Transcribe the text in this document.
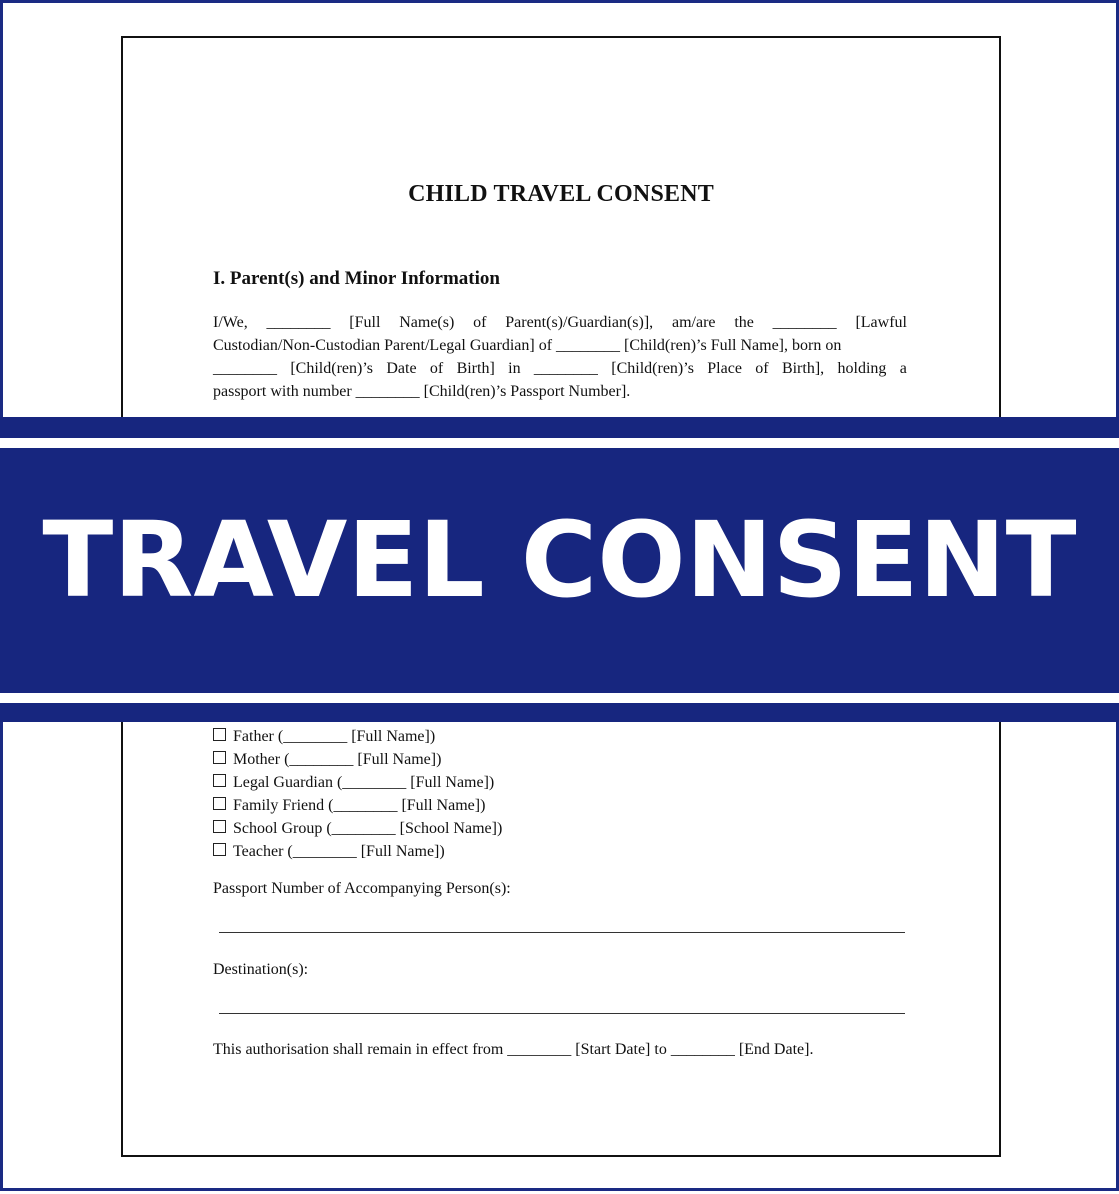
CHILD TRAVEL CONSENT
I. Parent(s) and Minor Information
I/We, ________ [Full Name(s) of Parent(s)/Guardian(s)], am/are the ________ [Lawful
Custodian/Non-Custodian Parent/Legal Guardian] of ________ [Child(ren)’s Full Name], born on
________ [Child(ren)’s Date of Birth] in ________ [Child(ren)’s Place of Birth], holding a
passport with number ________ [Child(ren)’s Passport Number].
TRAVEL CONSENT
Father (________ [Full Name])
Mother (________ [Full Name])
Legal Guardian (________ [Full Name])
Family Friend (________ [Full Name])
School Group (________ [School Name])
Teacher (________ [Full Name])
Passport Number of Accompanying Person(s):
Destination(s):
This authorisation shall remain in effect from ________ [Start Date] to ________ [End Date].
